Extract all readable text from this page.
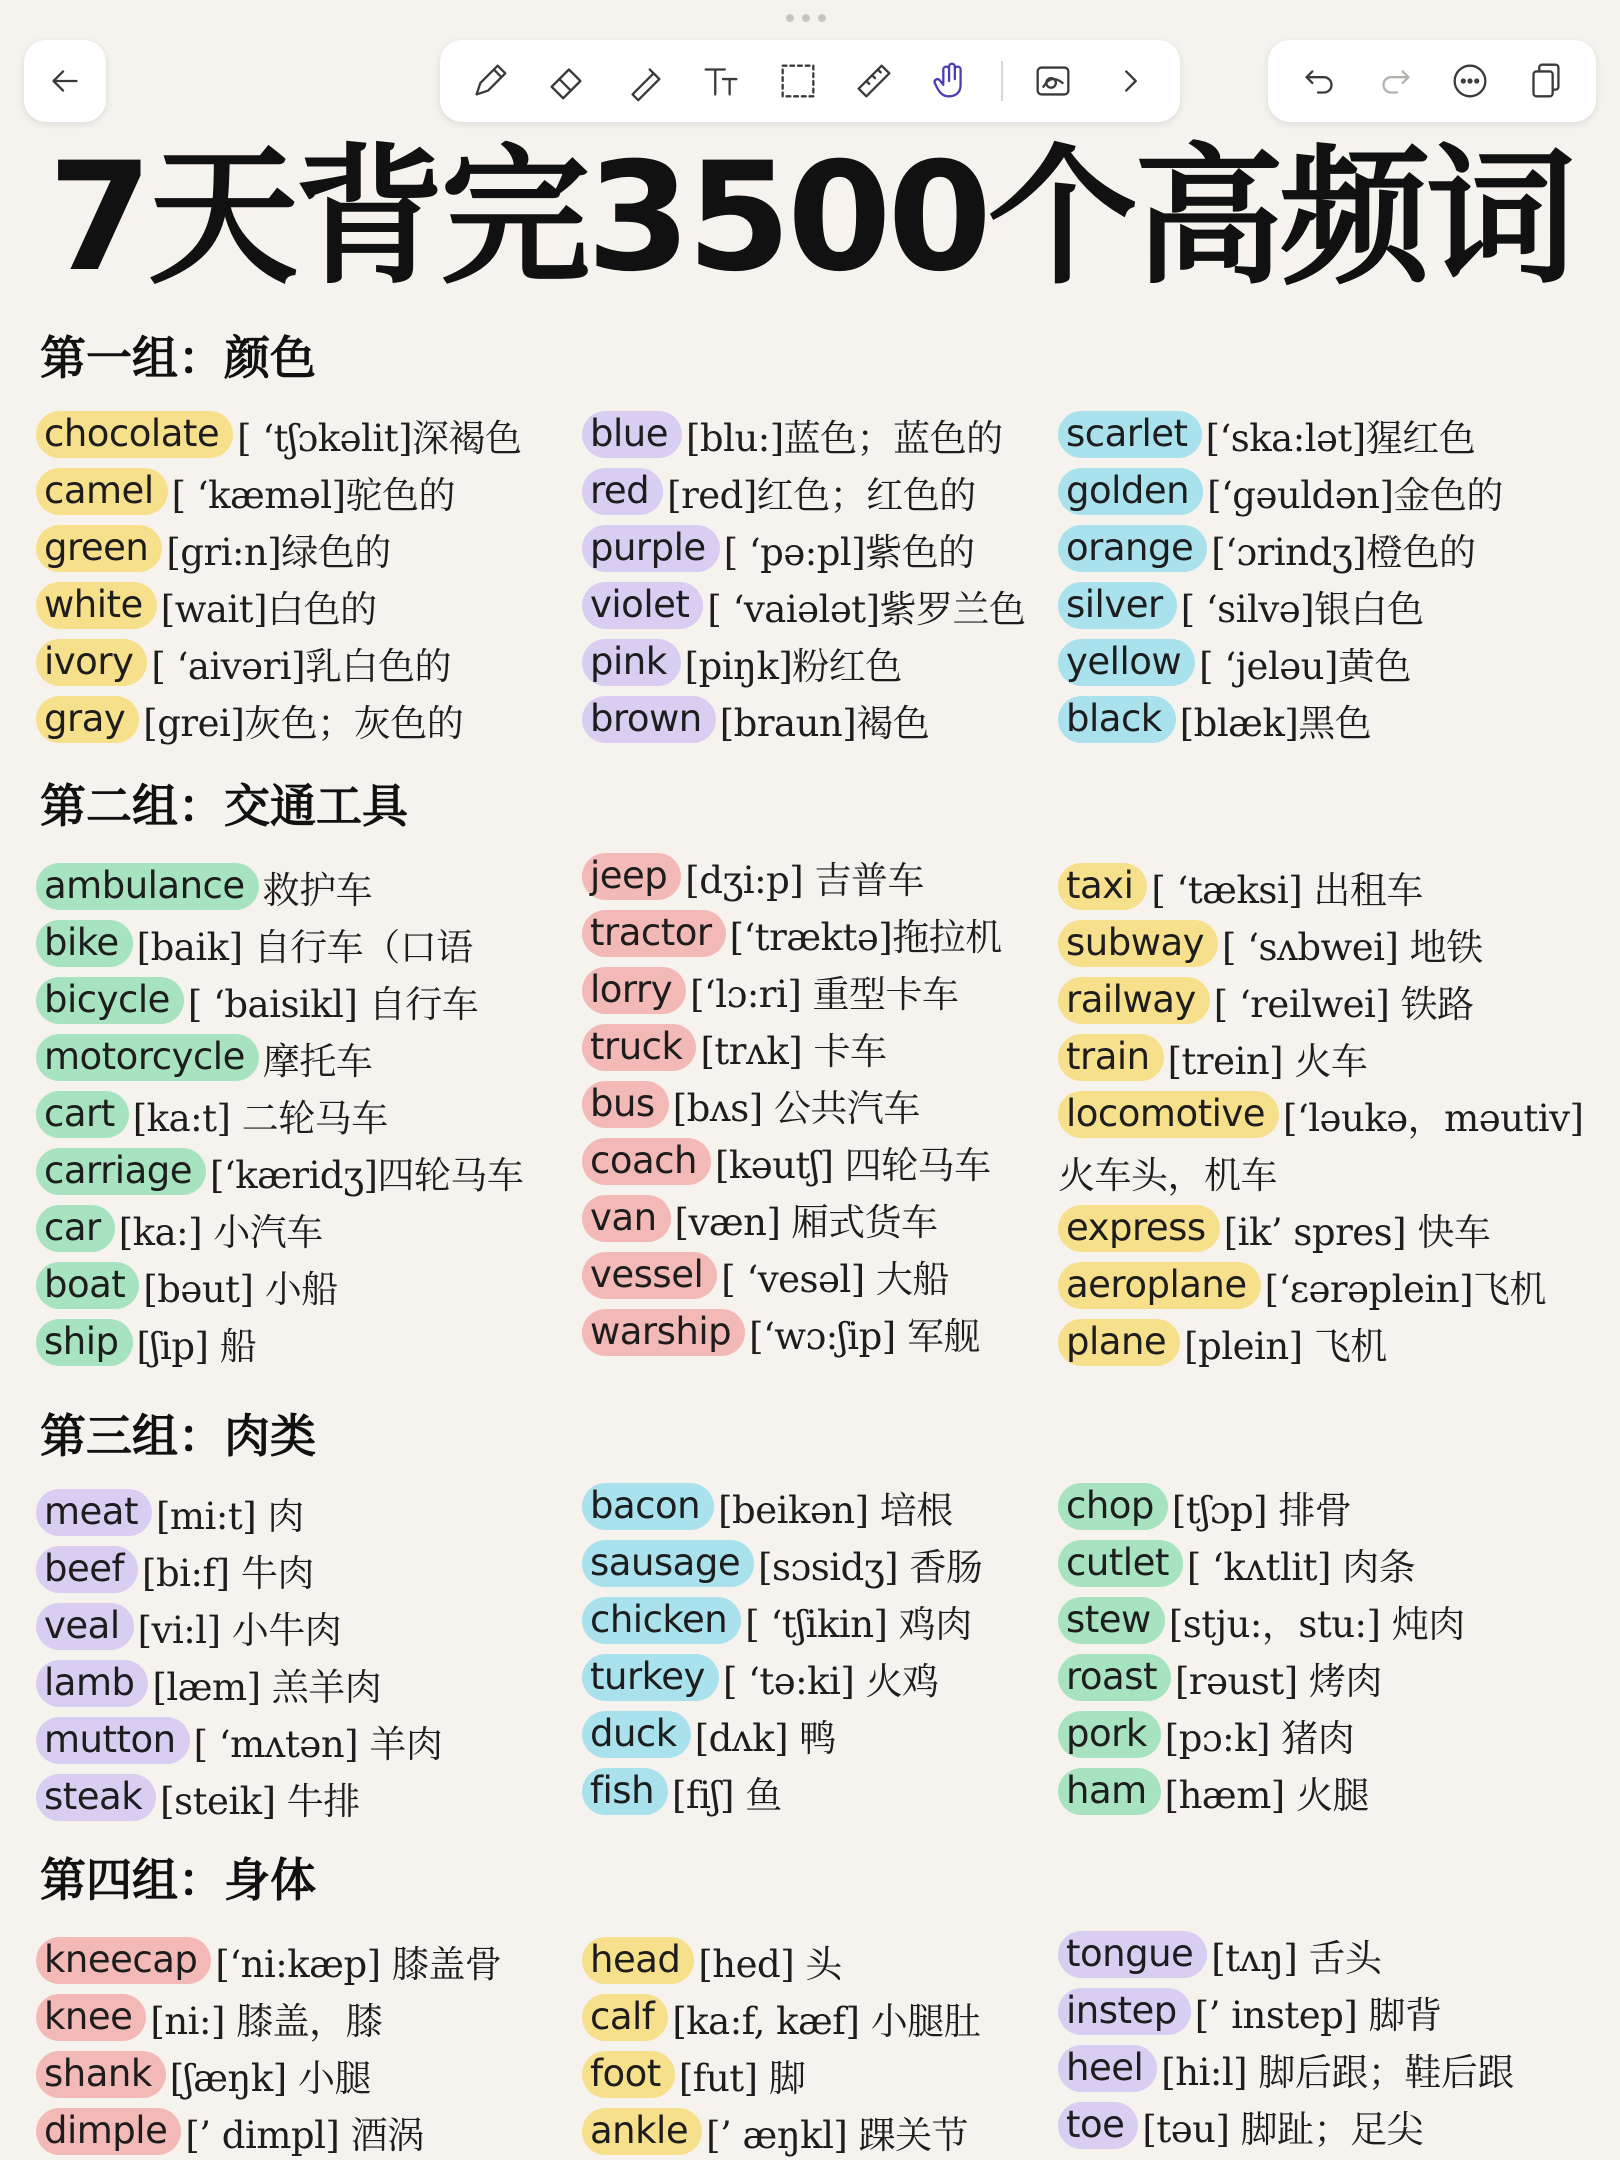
7天背完3500个高频词
第一组：颜色
chocolate [ ‘tʃɔkəlit]深褐色
camel [ ‘kæməl]驼色的
green [gri:n]绿色的
white [wait]白色的
ivory [ ‘aivəri]乳白色的
gray [grei]灰色；灰色的
blue [blu:]蓝色；蓝色的
red [red]红色；红色的
purple [ ‘pə:pl]紫色的
violet [ ‘vaiələt]紫罗兰色
pink [piŋk]粉红色
brown [braun]褐色
scarlet [‘ska:lət]猩红色
golden [‘gəuldən]金色的
orange [‘ɔrindʒ]橙色的
silver [ ‘silvə]银白色
yellow [ ‘jeləu]黄色
black [blæk]黑色
第二组：交通工具
ambulance 救护车
bike [baik] 自行车（口语
bicycle [ ‘baisikl] 自行车
motorcycle 摩托车
cart [ka:t] 二轮马车
carriage [‘kæridʒ]四轮马车
car [ka:] 小汽车
boat [bəut] 小船
ship [ʃip] 船
jeep [dʒi:p] 吉普车
tractor [‘træktə]拖拉机
lorry [‘lɔ:ri] 重型卡车
truck [trʌk] 卡车
bus [bʌs] 公共汽车
coach [kəutʃ] 四轮马车
van [væn] 厢式货车
vessel [ ‘vesəl] 大船
warship [‘wɔ:ʃip] 军舰
taxi [ ‘tæksi] 出租车
subway [ ‘sʌbwei] 地铁
railway [ ‘reilwei] 铁路
train [trein] 火车
locomotive [‘ləukə，məutiv]
火车头，机车
express [ik’ spres] 快车
aeroplane [‘ɛərəplein]飞机
plane [plein] 飞机
第三组：肉类
meat [mi:t] 肉
beef [bi:f] 牛肉
veal [vi:l] 小牛肉
lamb [læm] 羔羊肉
mutton [ ‘mʌtən] 羊肉
steak [steik] 牛排
bacon [beikən] 培根
sausage [sɔsidʒ] 香肠
chicken [ ‘tʃikin] 鸡肉
turkey [ ‘tə:ki] 火鸡
duck [dʌk] 鸭
fish [fiʃ] 鱼
chop [tʃɔp] 排骨
cutlet [ ‘kʌtlit] 肉条
stew [stju:，stu:] 炖肉
roast [rəust] 烤肉
pork [pɔ:k] 猪肉
ham [hæm] 火腿
第四组：身体
kneecap [‘ni:kæp] 膝盖骨
knee [ni:] 膝盖，膝
shank [ʃæŋk] 小腿
dimple [’ dimpl] 酒涡
head [hed] 头
calf [ka:f, kæf] 小腿肚
foot [fut] 脚
ankle [’ æŋkl] 踝关节
tongue [tʌŋ] 舌头
instep [’ instep] 脚背
heel [hi:l] 脚后跟；鞋后跟
toe [təu] 脚趾；足尖
